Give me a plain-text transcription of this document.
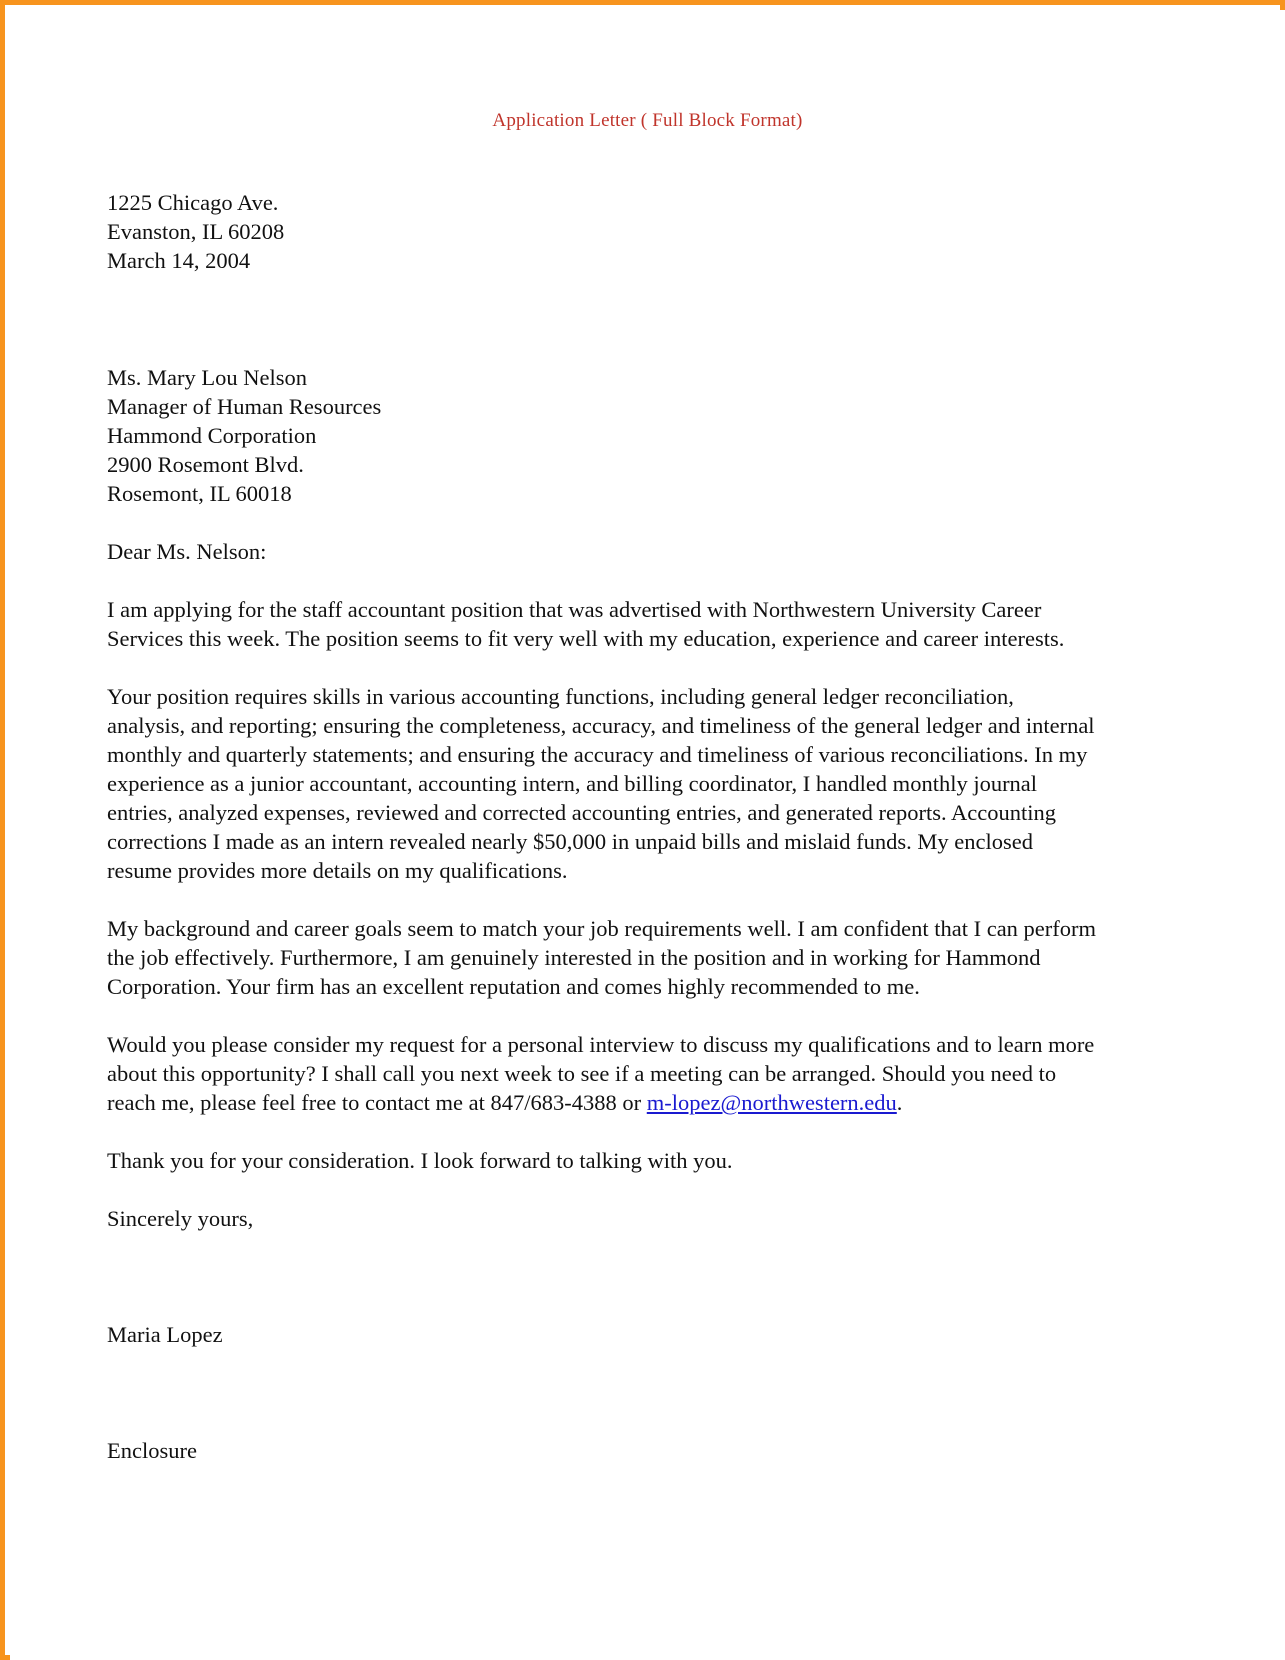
Application Letter ( Full Block Format)
1225 Chicago Ave.
Evanston, IL 60208
March 14, 2004
Ms. Mary Lou Nelson
Manager of Human Resources
Hammond Corporation
2900 Rosemont Blvd.
Rosemont, IL 60018
Dear Ms. Nelson:

I am applying for the staff accountant position that was advertised with Northwestern University Career Services this week. The position seems to fit very well with my education, experience and career interests.

Your position requires skills in various accounting functions, including general ledger reconciliation, analysis, and reporting; ensuring the completeness, accuracy, and timeliness of the general ledger and internal monthly and quarterly statements; and ensuring the accuracy and timeliness of various reconciliations. In my experience as a junior accountant, accounting intern, and billing coordinator, I handled monthly journal entries, analyzed expenses, reviewed and corrected accounting entries, and generated reports. Accounting corrections I made as an intern revealed nearly $50,000 in unpaid bills and mislaid funds. My enclosed resume provides more details on my qualifications.

My background and career goals seem to match your job requirements well. I am confident that I can perform the job effectively. Furthermore, I am genuinely interested in the position and in working for Hammond Corporation. Your firm has an excellent reputation and comes highly recommended to me.

Would you please consider my request for a personal interview to discuss my qualifications and to learn more about this opportunity? I shall call you next week to see if a meeting can be arranged. Should you need to reach me, please feel free to contact me at 847/683-4388 or m-lopez@northwestern.edu.

Thank you for your consideration. I look forward to talking with you.

Sincerely yours,
Maria Lopez
Enclosure
